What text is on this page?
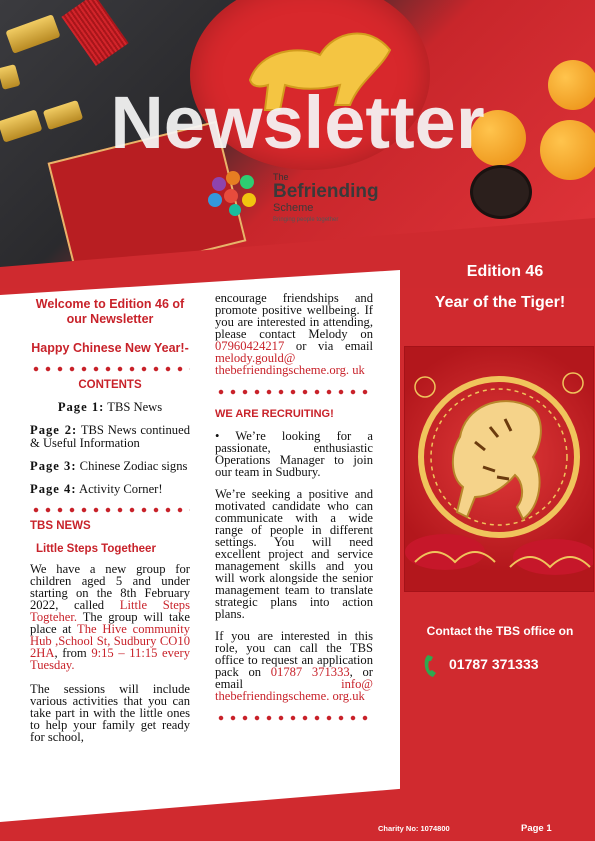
Newsletter
The
Befriending
Scheme
Bringing people together
Welcome to Edition 46 of our Newsletter
Happy Chinese New Year!-
CONTENTS
Page 1: TBS News
Page 2: TBS News continued & Useful Information
Page 3: Chinese Zodiac signs
Page 4: Activity Corner!
TBS NEWS
Little Steps Togetheer

We have a new group for children aged 5 and under starting on the 8th February 2022, called Little Steps Togteher. The group will take place at The Hive community Hub ,School St, Sudbury CO10 2HA, from 9:15 – 11:15 every Tuesday.

The sessions will include various activities that you can take part in with the little ones to help your family get ready for school,

encourage friendships and promote positive wellbeing. If you are interested in attending, please contact Melody on 07960424217 or via email melody.gould@ thebefriendingscheme.org. uk

WE ARE RECRUITING!

• We’re looking for a passionate, enthusiastic Operations Manager to join our team in Sudbury.

We’re seeking a positive and motivated candidate who can communicate with a wide range of people in different settings. You will need excellent project and service management skills and you will work alongside the senior management team to translate strategic plans into action plans.

If you are interested in this role, you can call the TBS office to request an application pack on 01787 371333, or email info@ thebefriendingscheme. org.uk

Edition 46
Year of the Tiger!
Contact the TBS office on
01787 371333
Charity No: 1074800	Page 1
